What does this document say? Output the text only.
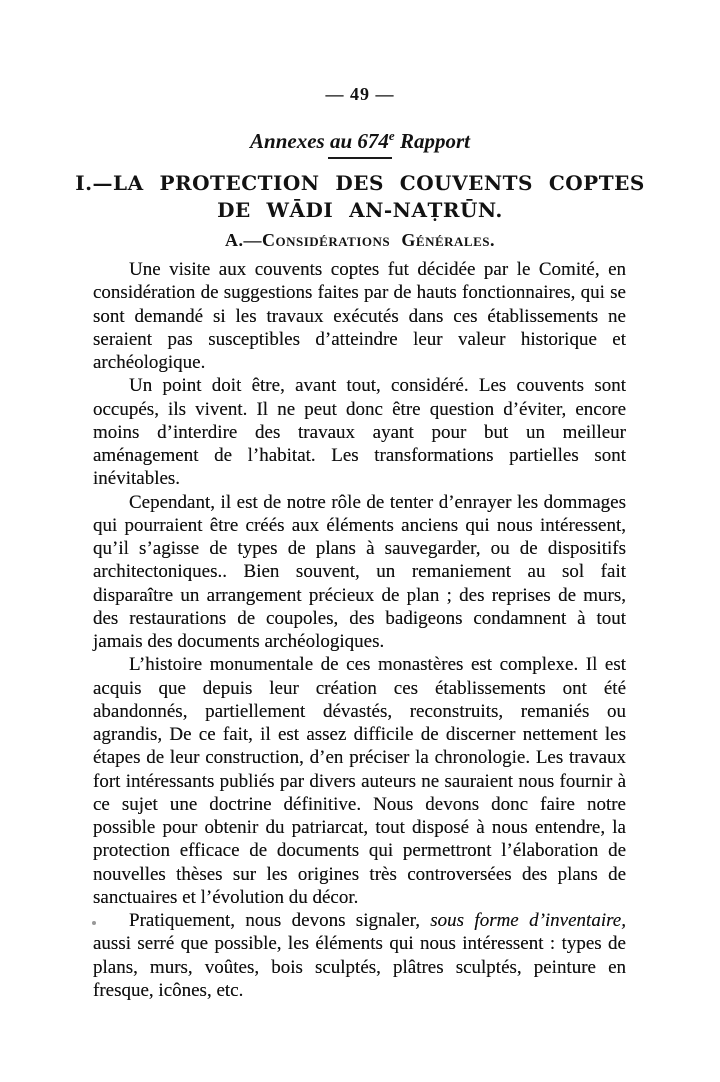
— 49 —
Annexes au 674e Rapport
I.—LA PROTECTION DES COUVENTS COPTES
DE WĀDI AN-NAṬRŪN.
A.—Considérations Générales.

Une visite aux couvents coptes fut décidée par le Comité, en considération de suggestions faites par de hauts fonctionnaires, qui se sont demandé si les travaux exécutés dans ces établissements ne seraient pas susceptibles d’atteindre leur valeur historique et archéologique.

Un point doit être, avant tout, considéré. Les couvents sont occupés, ils vivent. Il ne peut donc être question d’éviter, encore moins d’interdire des travaux ayant pour but un meilleur aménagement de l’habitat. Les transformations partielles sont inévitables.

Cependant, il est de notre rôle de tenter d’enrayer les dommages qui pourraient être créés aux éléments anciens qui nous intéressent, qu’il s’agisse de types de plans à sauvegarder, ou de dispositifs architectoniques.. Bien souvent, un remaniement au sol fait disparaître un arrangement précieux de plan ; des reprises de murs, des restaurations de coupoles, des badigeons condamnent à tout jamais des documents archéologiques.

L’histoire monumentale de ces monastères est complexe. Il est acquis que depuis leur création ces établissements ont été abandonnés, partiellement dévastés, reconstruits, remaniés ou agrandis, De ce fait, il est assez difficile de discerner nettement les étapes de leur construction, d’en préciser la chronologie. Les travaux fort intéressants publiés par divers auteurs ne sauraient nous fournir à ce sujet une doctrine définitive. Nous devons donc faire notre possible pour obtenir du patriarcat, tout disposé à nous entendre, la protection efficace de documents qui permettront l’élaboration de nouvelles thèses sur les origines très controversées des plans de sanctuaires et l’évolution du décor.

Pratiquement, nous devons signaler, sous forme d’inventaire, aussi serré que possible, les éléments qui nous intéressent : types de plans, murs, voûtes, bois sculptés, plâtres sculptés, peinture en fresque, icônes, etc.
